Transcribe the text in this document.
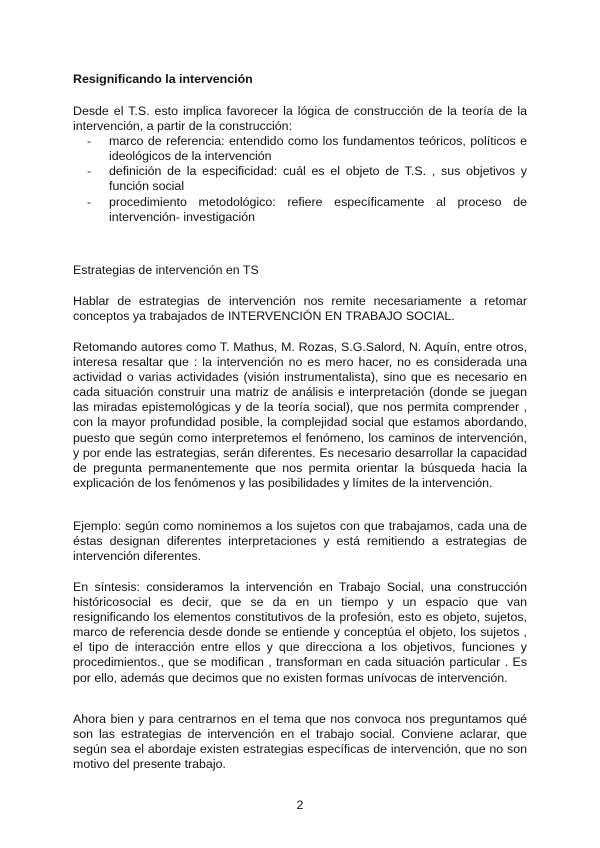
Resignificando la intervención

Desde el T.S. esto implica favorecer la lógica de construcción de la teoría de la intervención, a partir de la construcción:

- marco de referencia: entendido como los fundamentos teóricos, políticos e ideológicos de la intervención
- definición de la especificidad: cuál es el objeto de T.S. , sus objetivos y función social
- procedimiento metodológico: refiere específicamente al proceso de intervención- investigación
Estrategias de intervención en TS

Hablar de estrategias de intervención nos remite necesariamente a retomar conceptos ya trabajados de INTERVENCIÓN EN TRABAJO SOCIAL.

Retomando autores como T. Mathus, M. Rozas, S.G.Salord, N. Aquín, entre otros, interesa resaltar que : la intervención no es mero hacer, no es considerada una actividad o varias actividades (visión instrumentalista), sino que es necesario en cada situación construir una matriz de análisis e interpretación (donde se juegan las miradas epistemológicas y de la teoría social), que nos permita comprender , con la mayor profundidad posible, la complejidad social que estamos abordando, puesto que según como interpretemos el fenómeno, los caminos de intervención, y por ende las estrategias, serán diferentes. Es necesario desarrollar la capacidad de pregunta permanentemente que nos permita orientar la búsqueda hacia la explicación de los fenómenos y las posibilidades y límites de la intervención.

Ejemplo: según como nominemos a los sujetos con que trabajamos, cada una de éstas designan diferentes interpretaciones y está remitiendo a estrategias de intervención diferentes.

En síntesis: consideramos la intervención en Trabajo Social, una construcción históricosocial es decir, que se da en un tiempo y un espacio que van resignificando los elementos constitutivos de la profesión, esto es objeto, sujetos, marco de referencia desde donde se entiende y conceptúa el objeto, los sujetos , el tipo de interacción entre ellos y que direcciona a los objetivos, funciones y procedimientos., que se modifican , transforman en cada situación particular . Es por ello, además que decimos que no existen formas unívocas de intervención.

Ahora bien y para centrarnos en el tema que nos convoca nos preguntamos qué son las estrategias de intervención en el trabajo social. Conviene aclarar, que según sea el abordaje existen estrategias específicas de intervención, que no son motivo del presente trabajo.

2
